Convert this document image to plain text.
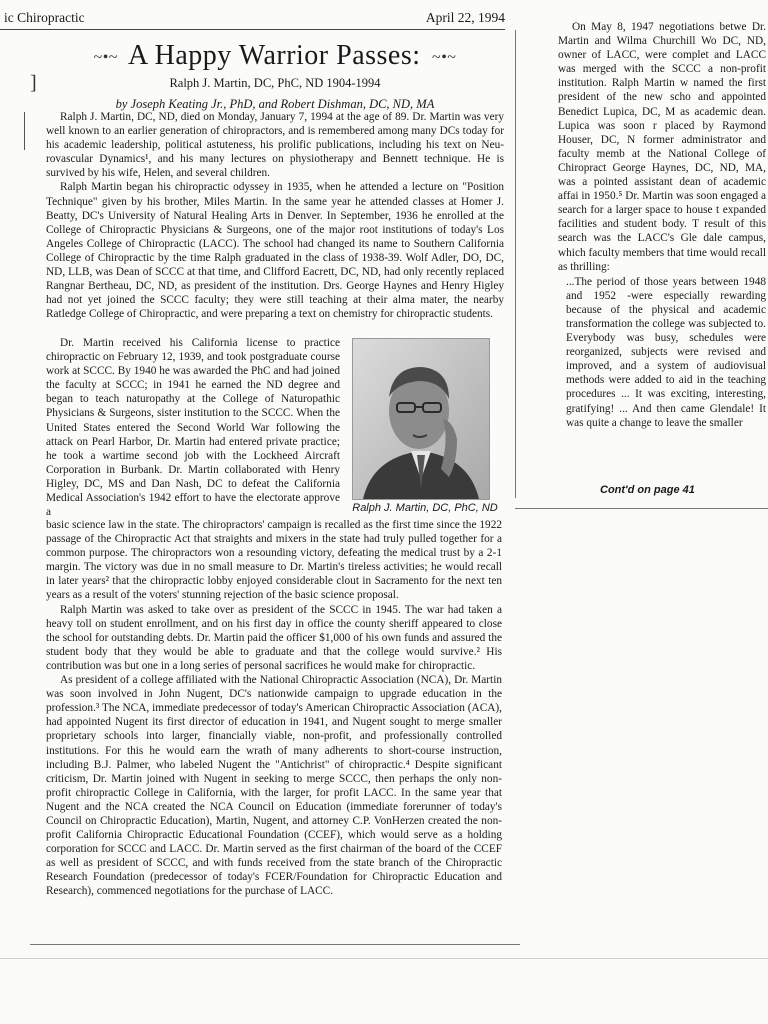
ic Chiropractic	April 22, 1994
]
~•~ A Happy Warrior Passes: ~•~
Ralph J. Martin, DC, PhC, ND 1904-1994
by Joseph Keating Jr., PhD, and Robert Dishman, DC, ND, MA

Ralph J. Martin, DC, ND, died on Monday, January 7, 1994 at the age of 89. Dr. Martin was very well known to an earlier generation of chiropractors, and is remembered among many DCs today for his academic leadership, political astuteness, his prolific publications, including his text on Neu-rovascular Dynamics¹, and his many lectures on physiotherapy and Bennett technique. He is survived by his wife, Helen, and several children.

Ralph Martin began his chiropractic odyssey in 1935, when he attended a lecture on "Position Technique" given by his brother, Miles Martin. In the same year he attended classes at Homer J. Beatty, DC's University of Natural Healing Arts in Denver. In September, 1936 he enrolled at the College of Chiropractic Physicians & Surgeons, one of the major root institutions of today's Los Angeles College of Chiropractic (LACC). The school had changed its name to Southern California College of Chiropractic by the time Ralph graduated in the class of 1938-39. Wolf Adler, DO, DC, ND, LLB, was Dean of SCCC at that time, and Clifford Eacrett, DC, ND, had only recently replaced Rangnar Bertheau, DC, ND, as president of the institution. Drs. George Haynes and Henry Higley had not yet joined the SCCC faculty; they were still teaching at their alma mater, the nearby Ratledge College of Chiropractic, and were preparing a text on chemistry for chiropractic students.

Dr. Martin received his California license to practice chiropractic on February 12, 1939, and took postgraduate course work at SCCC. By 1940 he was awarded the PhC and had joined the faculty at SCCC; in 1941 he earned the ND degree and began to teach naturopathy at the College of Naturopathic Physicians & Surgeons, sister institution to the SCCC. When the United States entered the Second World War following the attack on Pearl Harbor, Dr. Martin had entered private practice; he took a wartime second job with the Lockheed Aircraft Corporation in Burbank. Dr. Martin collaborated with Henry Higley, DC, MS and Dan Nash, DC to defeat the California Medical Association's 1942 effort to have the electorate approve a	Ralph J. Martin, DC, PhC, ND

basic science law in the state. The chiropractors' campaign is recalled as the first time since the 1922 passage of the Chiropractic Act that straights and mixers in the state had truly pulled together for a common purpose. The chiropractors won a resounding victory, defeating the medical trust by a 2-1 margin. The victory was due in no small measure to Dr. Martin's tireless activities; he would recall in later years² that the chiropractic lobby enjoyed considerable clout in Sacramento for the next ten years as a result of the voters' stunning rejection of the basic science proposal.

Ralph Martin was asked to take over as president of the SCCC in 1945. The war had taken a heavy toll on student enrollment, and on his first day in office the county sheriff appeared to close the school for outstanding debts. Dr. Martin paid the officer $1,000 of his own funds and assured the student body that they would be able to graduate and that the college would survive.² His contribution was but one in a long series of personal sacrifices he would make for chiropractic.

As president of a college affiliated with the National Chiropractic Association (NCA), Dr. Martin was soon involved in John Nugent, DC's nationwide campaign to upgrade education in the profession.³ The NCA, immediate predecessor of today's American Chiropractic Association (ACA), had appointed Nugent its first director of education in 1941, and Nugent sought to merge smaller proprietary schools into larger, financially viable, non-profit, and professionally controlled institutions. For this he would earn the wrath of many adherents to short-course instruction, including B.J. Palmer, who labeled Nugent the "Antichrist" of chiropractic.⁴ Despite significant criticism, Dr. Martin joined with Nugent in seeking to merge SCCC, then perhaps the only non-profit chiropractic College in California, with the larger, for profit LACC. In the same year that Nugent and the NCA created the NCA Council on Education (immediate forerunner of today's Council on Chiropractic Education), Martin, Nugent, and attorney C.P. VonHerzen created the non-profit California Chiropractic Educational Foundation (CCEF), which would serve as a holding corporation for SCCC and LACC. Dr. Martin served as the first chairman of the board of the CCEF as well as president of SCCC, and with funds received from the state branch of the Chiropractic Research Foundation (predecessor of today's FCER/Foundation for Chiropractic Education and Research), commenced negotiations for the purchase of LACC.

On May 8, 1947 negotiations betwe Dr. Martin and Wilma Churchill Wo DC, ND, owner of LACC, were complet and LACC was merged with the SCCC a non-profit institution. Ralph Martin w named the first president of the new scho and appointed Benedict Lupica, DC, M as academic dean. Lupica was soon r placed by Raymond Houser, DC, N former administrator and faculty memb at the National College of Chiropract George Haynes, DC, ND, MA, was a pointed assistant dean of academic affai in 1950.⁵ Dr. Martin was soon engaged a search for a larger space to house t expanded facilities and student body. T result of this search was the LACC's Gle dale campus, which faculty members that time would recall as thrilling:

...The period of those years between 1948 and 1952 -were especially rewarding because of the physical and academic transformation the college was subjected to. Everybody was busy, schedules were reorganized, subjects were revised and improved, and a system of audiovisual methods were added to aid in the teaching procedures ... It was exciting, interesting, gratifying! ... And then came Glendale! It was quite a change to leave the smaller
Cont'd on page 41
